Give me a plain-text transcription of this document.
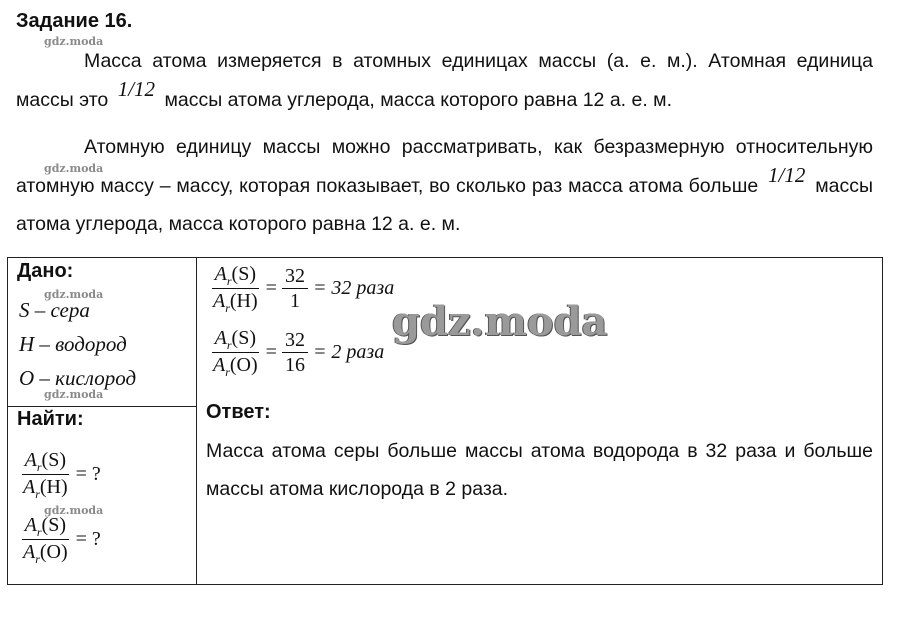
Задание 16.
gdz.moda
Масса атома измеряется в атомных единицах массы (а. е. м.). Атомная единица массы это 1/12 массы атома углерода, масса которого равна 12 а. е. м.
gdz.moda
Атомную единицу массы можно рассматривать, как безразмерную относительную атомную массу – массу, которая показывает, во сколько раз масса атома больше 1/12 массы атома углерода, масса которого равна 12 а. е. м.
Дано:
S – сера
H – водород
O – кислород
Найти:
$\frac{A_r(S)}{A_r(H)}$ = ?
$\frac{A_r(S)}{A_r(O)}$ = ?
$\frac{A_r(S)}{A_r(H)} = \frac{32}{1} = 32$ раза
$\frac{A_r(S)}{A_r(O)} = \frac{32}{16} = 2$ раза
Ответ:
Масса атома серы больше массы атома водорода в 32 раза и больше массы атома кислорода в 2 раза.
gdz.moda
gdz.moda
gdz.moda
gdz.moda
